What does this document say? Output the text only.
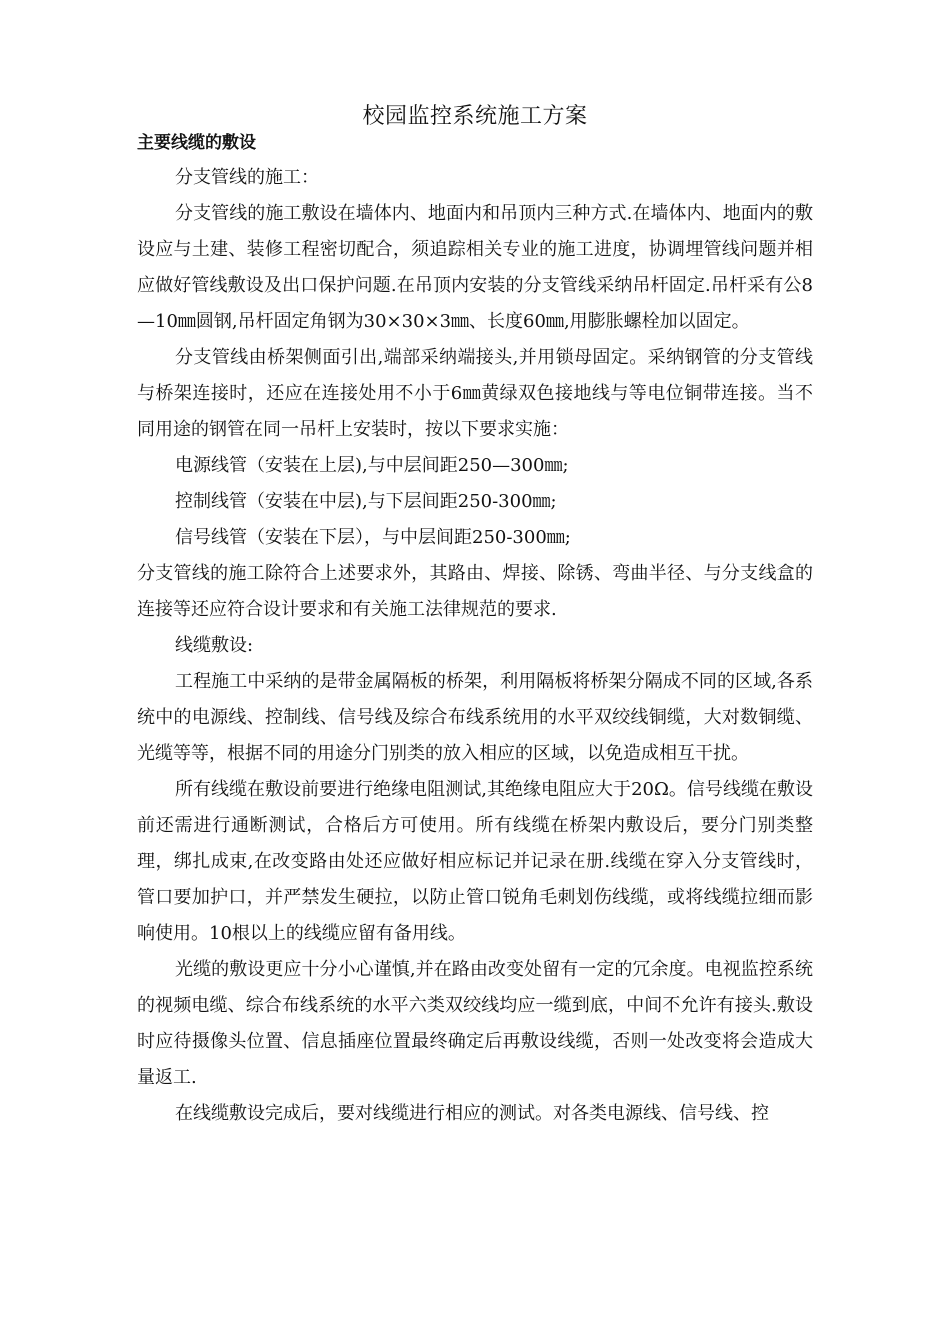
校园监控系统施工方案
主要线缆的敷设

分支管线的施工：

分支管线的施工敷设在墙体内、地面内和吊顶内三种方式.在墙体内、地面内的敷设应与土建、装修工程密切配合，须追踪相关专业的施工进度，协调埋管线问题并相应做好管线敷设及出口保护问题.在吊顶内安装的分支管线采纳吊杆固定.吊杆采有公8—10㎜圆钢,吊杆固定角钢为30×30×3㎜、长度60㎜,用膨胀螺栓加以固定。

分支管线由桥架侧面引出,端部采纳端接头,并用锁母固定。采纳钢管的分支管线与桥架连接时，还应在连接处用不小于6㎜黄绿双色接地线与等电位铜带连接。当不同用途的钢管在同一吊杆上安装时，按以下要求实施：

电源线管（安装在上层),与中层间距250—300㎜;

控制线管（安装在中层),与下层间距250-300㎜;

信号线管（安装在下层），与中层间距250-300㎜;

分支管线的施工除符合上述要求外，其路由、焊接、除锈、弯曲半径、与分支线盒的连接等还应符合设计要求和有关施工法律规范的要求.

线缆敷设:

工程施工中采纳的是带金属隔板的桥架，利用隔板将桥架分隔成不同的区域,各系统中的电源线、控制线、信号线及综合布线系统用的水平双绞线铜缆，大对数铜缆、光缆等等，根据不同的用途分门别类的放入相应的区域，以免造成相互干扰。

所有线缆在敷设前要进行绝缘电阻测试,其绝缘电阻应大于20Ω。信号线缆在敷设前还需进行通断测试，合格后方可使用。所有线缆在桥架内敷设后，要分门别类整理，绑扎成束,在改变路由处还应做好相应标记并记录在册.线缆在穿入分支管线时，管口要加护口，并严禁发生硬拉，以防止管口锐角毛刺划伤线缆，或将线缆拉细而影响使用。10根以上的线缆应留有备用线。

光缆的敷设更应十分小心谨慎,并在路由改变处留有一定的冗余度。电视监控系统的视频电缆、综合布线系统的水平六类双绞线均应一缆到底，中间不允许有接头.敷设时应待摄像头位置、信息插座位置最终确定后再敷设线缆，否则一处改变将会造成大量返工.

在线缆敷设完成后，要对线缆进行相应的测试。对各类电源线、信号线、控
